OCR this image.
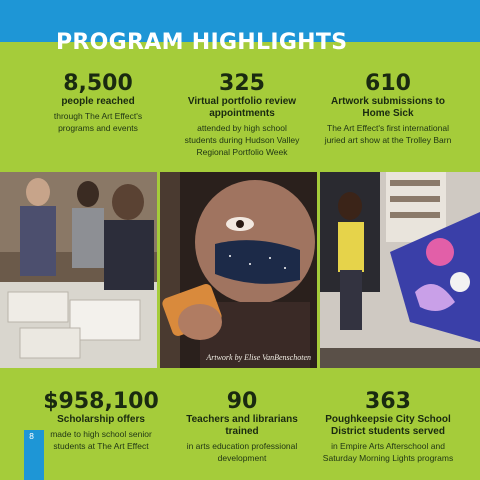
PROGRAM HIGHLIGHTS
8,500
people reached
through The Art Effect's programs and events
325
Virtual portfolio review appointments
attended by high school students during Hudson Valley Regional Portfolio Week
610
Artwork submissions to Home Sick
The Art Effect's first international juried art show at the Trolley Barn
Artwork by Elise VanBenschoten
$958,100
Scholarship offers
made to high school senior students at The Art Effect
90
Teachers and librarians trained
in arts education professional development
363
Poughkeepsie City School District students served
in Empire Arts Afterschool and Saturday Morning Lights programs
8
